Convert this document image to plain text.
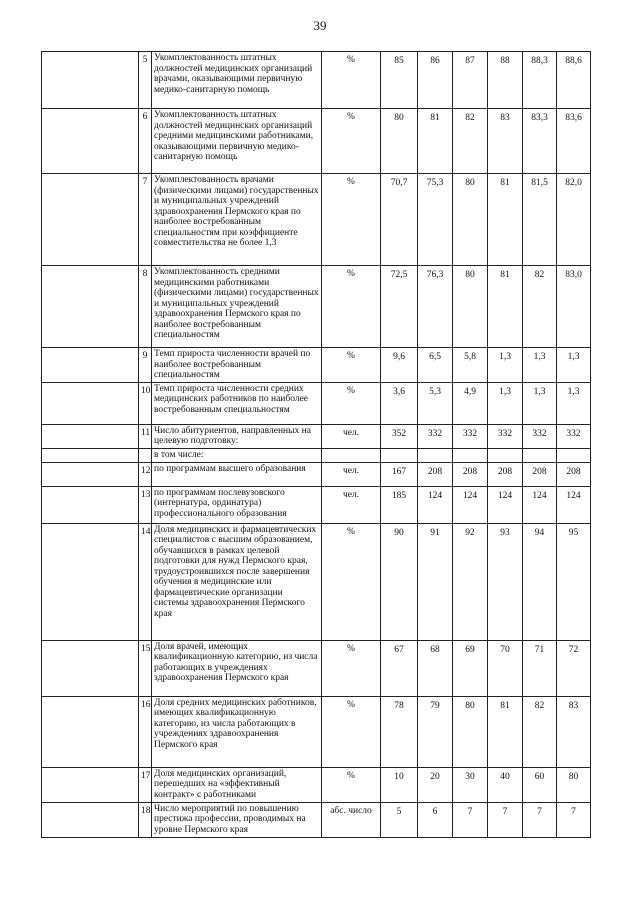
39
	5	Укомплектованность штатных должностей медицинских организаций врачами, оказывающими первичную медико-санитарную помощь	%	85	86	87	88	88,3	88,6
	6	Укомплектованность штатных должностей медицинских организаций средними медицинскими работниками, оказывающими первичную медико-санитарную помощь	%	80	81	82	83	83,3	83,6
	7	Укомплектованность врачами (физическими лицами) государственных и муниципальных учреждений здравоохранения Пермского края по наиболее востребованным специальностям при коэффициенте совместительства не более 1,3	%	70,7	75,3	80	81	81,5	82,0
	8	Укомплектованность средними медицинскими работниками (физическими лицами) государственных и муниципальных учреждений здравоохранения Пермского края по наиболее востребованным специальностям	%	72,5	76,3	80	81	82	83,0
	9	Темп прироста численности врачей по наиболее востребованным специальностям	%	9,6	6,5	5,8	1,3	1,3	1,3
	10	Темп прироста численности средних медицинских работников по наиболее востребованным специальностям	%	3,6	5,3	4,9	1,3	1,3	1,3
	11	Число абитуриентов, направленных на целевую подготовку:	чел.	352	332	332	332	332	332
		в том числе:							
	12	по программам высшего образования	чел.	167	208	208	208	208	208
	13	по программам послевузовского (интернатура, ординатура) профессионального образования	чел.	185	124	124	124	124	124
	14	Доля медицинских и фармацевтических специалистов с высшим образованием, обучавшихся в рамках целевой подготовки для нужд Пермского края, трудоустроившихся после завершения обучения в медицинские или фармацевтические организации системы здравоохранения Пермского края	%	90	91	92	93	94	95
	15	Доля врачей, имеющих квалификационную категорию, из числа работающих в учреждениях здравоохранения Пермского края	%	67	68	69	70	71	72
	16	Доля средних медицинских работников, имеющих квалификационную категорию, из числа работающих в учреждениях здравоохранения Пермского края	%	78	79	80	81	82	83
	17	Доля медицинских организаций, перешедших на «эффективный контракт» с работниками	%	10	20	30	40	60	80
	18	Число мероприятий по повышению престижа профессии, проводимых на уровне Пермского края	абс. число	5	6	7	7	7	7
